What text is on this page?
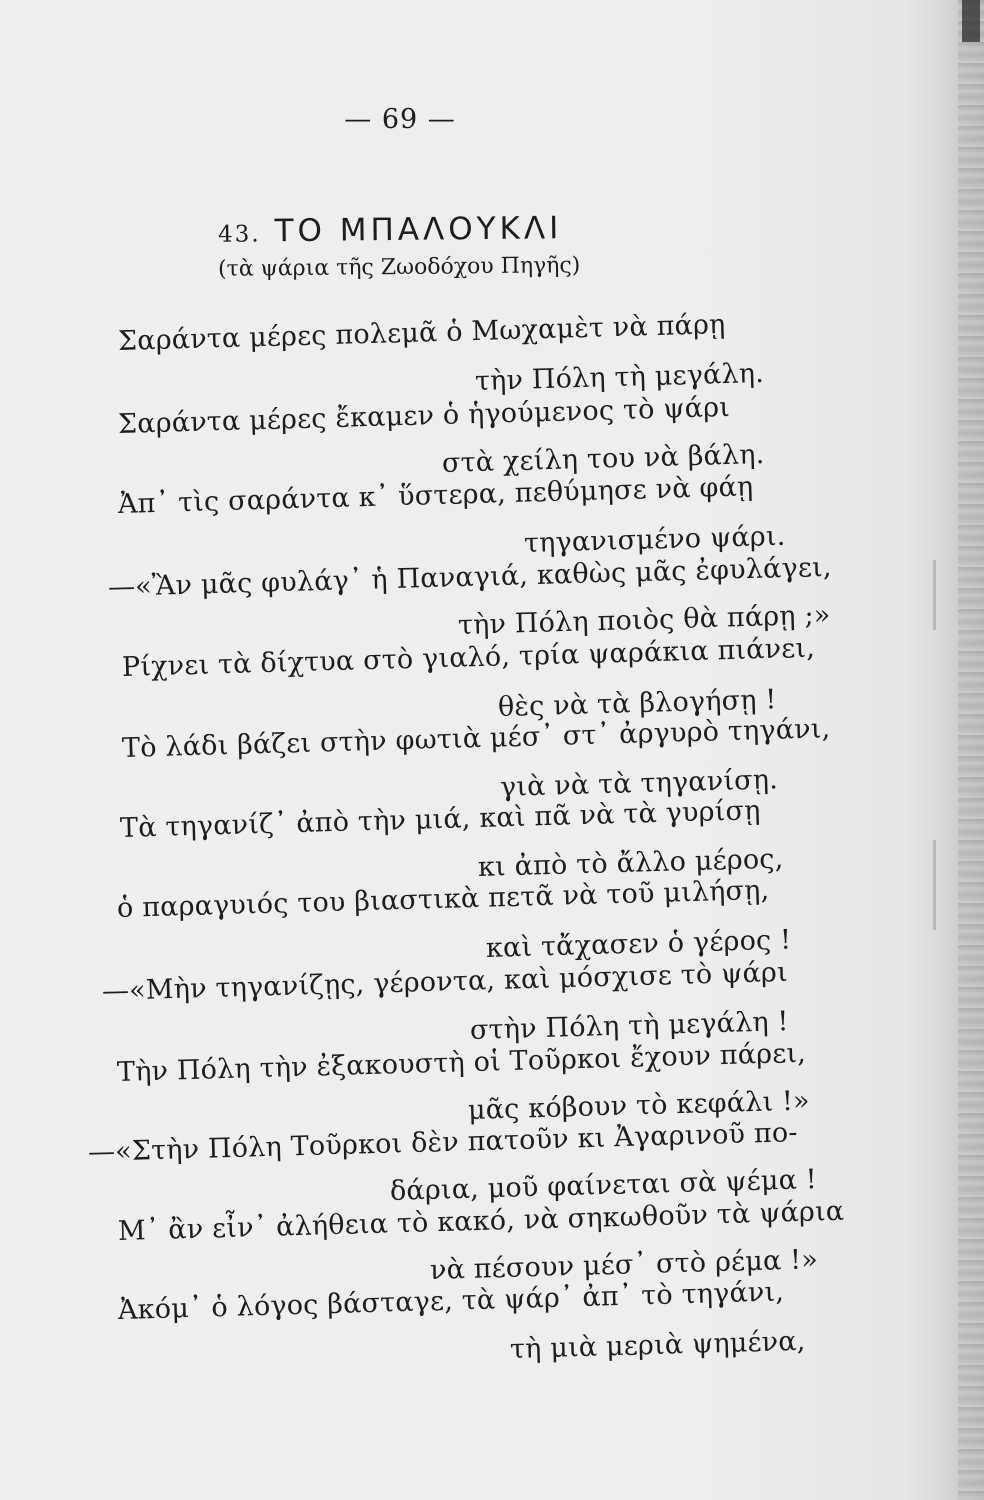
— 69 —
43. ΤΟ ΜΠΑΛΟΥΚΛΙ
(τὰ ψάρια τῆς Ζωοδόχου Πηγῆς)
Σαράντα μέρες πολεμᾶ ὁ Μωχαμὲτ νὰ πάρῃ
τὴν Πόλη τὴ μεγάλη.
Σαράντα μέρες ἔκαμεν ὁ ἡγούμενος τὸ ψάρι
στὰ χείλη του νὰ βάλη.
Ἀπ᾽ τὶς σαράντα κ᾽ ὕστερα, πεθύμησε νὰ φάῃ
τηγανισμένο ψάρι.
—«Ἂν μᾶς φυλάγ᾽ ἡ Παναγιά, καθὼς μᾶς ἐφυλάγει,
τὴν Πόλη ποιὸς θὰ πάρῃ ;»
Ρίχνει τὰ δίχτυα στὸ γιαλό, τρία ψαράκια πιάνει,
θὲς νὰ τὰ βλογήσῃ !
Τὸ λάδι βάζει στὴν φωτιὰ μέσ᾽ στ᾽ ἀργυρὸ τηγάνι,
γιὰ νὰ τὰ τηγανίσῃ.
Τὰ τηγανίζ᾽ ἀπὸ τὴν μιά, καὶ πᾶ νὰ τὰ γυρίσῃ
κι ἀπὸ τὸ ἄλλο μέρος,
ὁ παραγυιός του βιαστικὰ πετᾶ νὰ τοῦ μιλήσῃ,
καὶ τἄχασεν ὁ γέρος !
—«Μὴν τηγανίζῃς, γέροντα, καὶ μόσχισε τὸ ψάρι
στὴν Πόλη τὴ μεγάλη !
Τὴν Πόλη τὴν ἐξακουστὴ οἱ Τοῦρκοι ἔχουν πάρει,
μᾶς κόβουν τὸ κεφάλι !»
—«Στὴν Πόλη Τοῦρκοι δὲν πατοῦν κι Ἀγαρινοῦ πο-
δάρια, μοῦ φαίνεται σὰ ψέμα !
Μ᾽ ἂν εἶν᾽ ἀλήθεια τὸ κακό, νὰ σηκωθοῦν τὰ ψάρια
νὰ πέσουν μέσ᾽ στὸ ρέμα !»
Ἀκόμ᾽ ὁ λόγος βάσταγε, τὰ ψάρ᾽ ἀπ᾽ τὸ τηγάνι,
τὴ μιὰ μεριὰ ψημένα,
